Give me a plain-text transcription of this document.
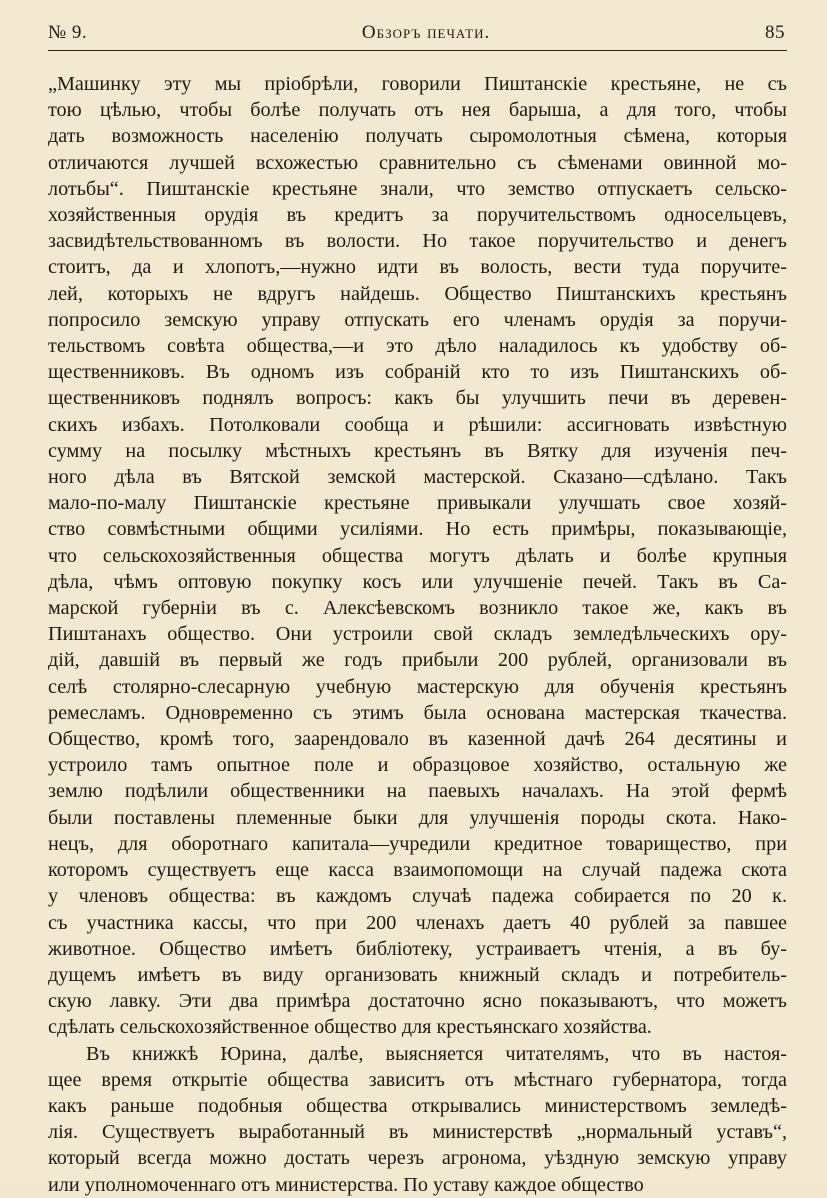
№ 9.	Обзоръ печати.	85

„Машинку эту мы пріобрѣли, говорили Пиштанскіе крестьяне, не съ
тою цѣлью, чтобы болѣе получать отъ нея барыша, а для того, чтобы
дать возможность населенію получать сыромолотныя сѣмена, которыя
отличаются лучшей всхожестью сравнительно съ сѣменами овинной мо-
лотьбы“. Пиштанскіе крестьяне знали, что земство отпускаетъ сельско-
хозяйственныя орудія въ кредитъ за поручительствомъ односельцевъ,
засвидѣтельствованномъ въ волости. Но такое поручительство и денегъ
стоитъ, да и хлопотъ,—нужно идти въ волость, вести туда поручите-
лей, которыхъ не вдругъ найдешь. Общество Пиштанскихъ крестьянъ
попросило земскую управу отпускать его членамъ орудія за поручи-
тельствомъ совѣта общества,—и это дѣло наладилось къ удобству об-
щественниковъ. Въ одномъ изъ собраній кто то изъ Пиштанскихъ об-
щественниковъ поднялъ вопросъ: какъ бы улучшить печи въ деревен-
скихъ избахъ. Потолковали сообща и рѣшили: ассигновать извѣстную
сумму на посылку мѣстныхъ крестьянъ въ Вятку для изученія печ-
ного дѣла въ Вятской земской мастерской. Сказано—сдѣлано. Такъ
мало-по-малу Пиштанскіе крестьяне привыкали улучшать свое хозяй-
ство совмѣстными общими усиліями. Но есть примѣры, показывающіе,
что сельскохозяйственныя общества могутъ дѣлать и болѣе крупныя
дѣла, чѣмъ оптовую покупку косъ или улучшеніе печей. Такъ въ Са-
марской губерніи въ с. Алексѣевскомъ возникло такое же, какъ въ
Пиштанахъ общество. Они устроили свой складъ земледѣльческихъ ору-
дій, давшій въ первый же годъ прибыли 200 рублей, организовали въ
селѣ столярно-слесарную учебную мастерскую для обученія крестьянъ
ремесламъ. Одновременно съ этимъ была основана мастерская ткачества.
Общество, кромѣ того, заарендовало въ казенной дачѣ 264 десятины и
устроило тамъ опытное поле и образцовое хозяйство, остальную же
землю подѣлили общественники на паевыхъ началахъ. На этой фермѣ
были поставлены племенные быки для улучшенія породы скота. Нако-
нецъ, для оборотнаго капитала—учредили кредитное товарищество, при
которомъ существуетъ еще касса взаимопомощи на случай падежа скота
у членовъ общества: въ каждомъ случаѣ падежа собирается по 20 к.
съ участника кассы, что при 200 членахъ даетъ 40 рублей за павшее
животное. Общество имѣетъ библіотеку, устраиваетъ чтенія, а въ бу-
дущемъ имѣетъ въ виду организовать книжный складъ и потребитель-
скую лавку. Эти два примѣра достаточно ясно показываютъ, что можетъ
сдѣлать сельскохозяйственное общество для крестьянскаго хозяйства.

Въ книжкѣ Юрина, далѣе, выясняется читателямъ, что въ настоя-
щее время открытіе общества зависитъ отъ мѣстнаго губернатора, тогда
какъ раньше подобныя общества открывались министерствомъ земледѣ-
лія. Существуетъ выработанный въ министерствѣ „нормальный уставъ“,
который всегда можно достать черезъ агронома, уѣздную земскую управу
или уполномоченнаго отъ министерства. По уставу каждое общество
